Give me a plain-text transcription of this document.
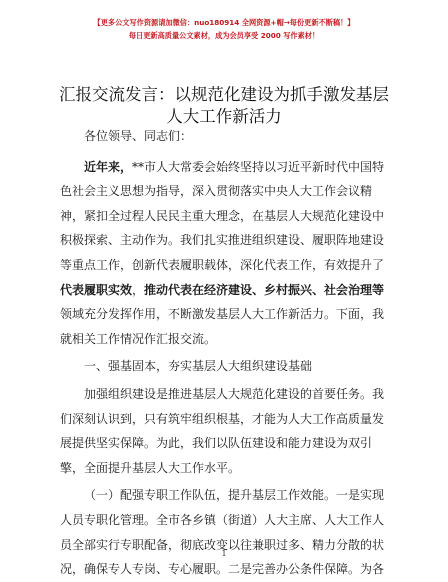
【更多公文写作资源请加微信：nuo180914 全网资源+帽→每份更新不断稿！】
每日更新高质量公文素材，成为会员享受 2000 写作素材！
汇报交流发言：以规范化建设为抓手激发基层
人大工作新活力
各位领导、同志们：
近年来，**市人大常委会始终坚持以习近平新时代中国特
色社会主义思想为指导，深入贯彻落实中央人大工作会议精
神，紧扣全过程人民民主重大理念，在基层人大规范化建设中
积极探索、主动作为。我们扎实推进组织建设、履职阵地建设
等重点工作，创新代表履职载体，深化代表工作，有效提升了
代表履职实效，推动代表在经济建设、乡村振兴、社会治理等
领域充分发挥作用，不断激发基层人大工作新活力。下面，我
就相关工作情况作汇报交流。
一、强基固本，夯实基层人大组织建设基础
加强组织建设是推进基层人大规范化建设的首要任务。我
们深刻认识到，只有筑牢组织根基，才能为人大工作高质量发
展提供坚实保障。为此，我们以队伍建设和能力建设为双引
擎，全面提升基层人大工作水平。
（一）配强专职工作队伍，提升基层工作效能。一是实现
人员专职化管理。全市各乡镇（街道）人大主席、人大工作人
员全部实行专职配备，彻底改变以往兼职过多、精力分散的状
况，确保专人专岗、专心履职。二是完善办公条件保障。为各
1
